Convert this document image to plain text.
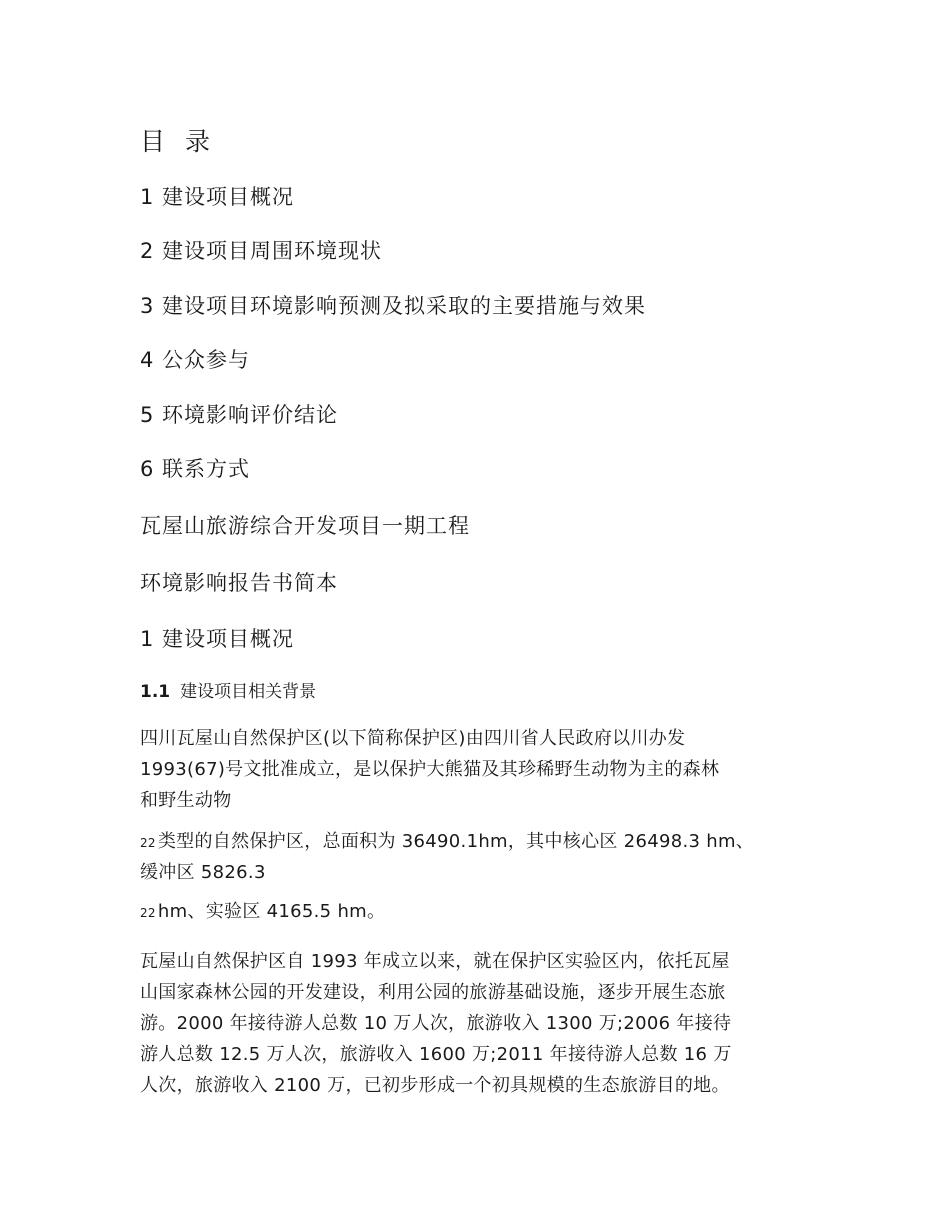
目 录
1 建设项目概况
2 建设项目周围环境现状
3 建设项目环境影响预测及拟采取的主要措施与效果
4 公众参与
5 环境影响评价结论
6 联系方式
瓦屋山旅游综合开发项目一期工程
环境影响报告书简本
1 建设项目概况
1.1 建设项目相关背景
四川瓦屋山自然保护区(以下简称保护区)由四川省人民政府以川办发
1993(67)号文批准成立，是以保护大熊猫及其珍稀野生动物为主的森林
和野生动物
22 类型的自然保护区，总面积为 36490.1hm，其中核心区 26498.3 hm、
缓冲区 5826.3
22 hm、实验区 4165.5 hm。
瓦屋山自然保护区自 1993 年成立以来，就在保护区实验区内，依托瓦屋
山国家森林公园的开发建设，利用公园的旅游基础设施，逐步开展生态旅
游。2000 年接待游人总数 10 万人次，旅游收入 1300 万;2006 年接待
游人总数 12.5 万人次，旅游收入 1600 万;2011 年接待游人总数 16 万
人次，旅游收入 2100 万，已初步形成一个初具规模的生态旅游目的地。
